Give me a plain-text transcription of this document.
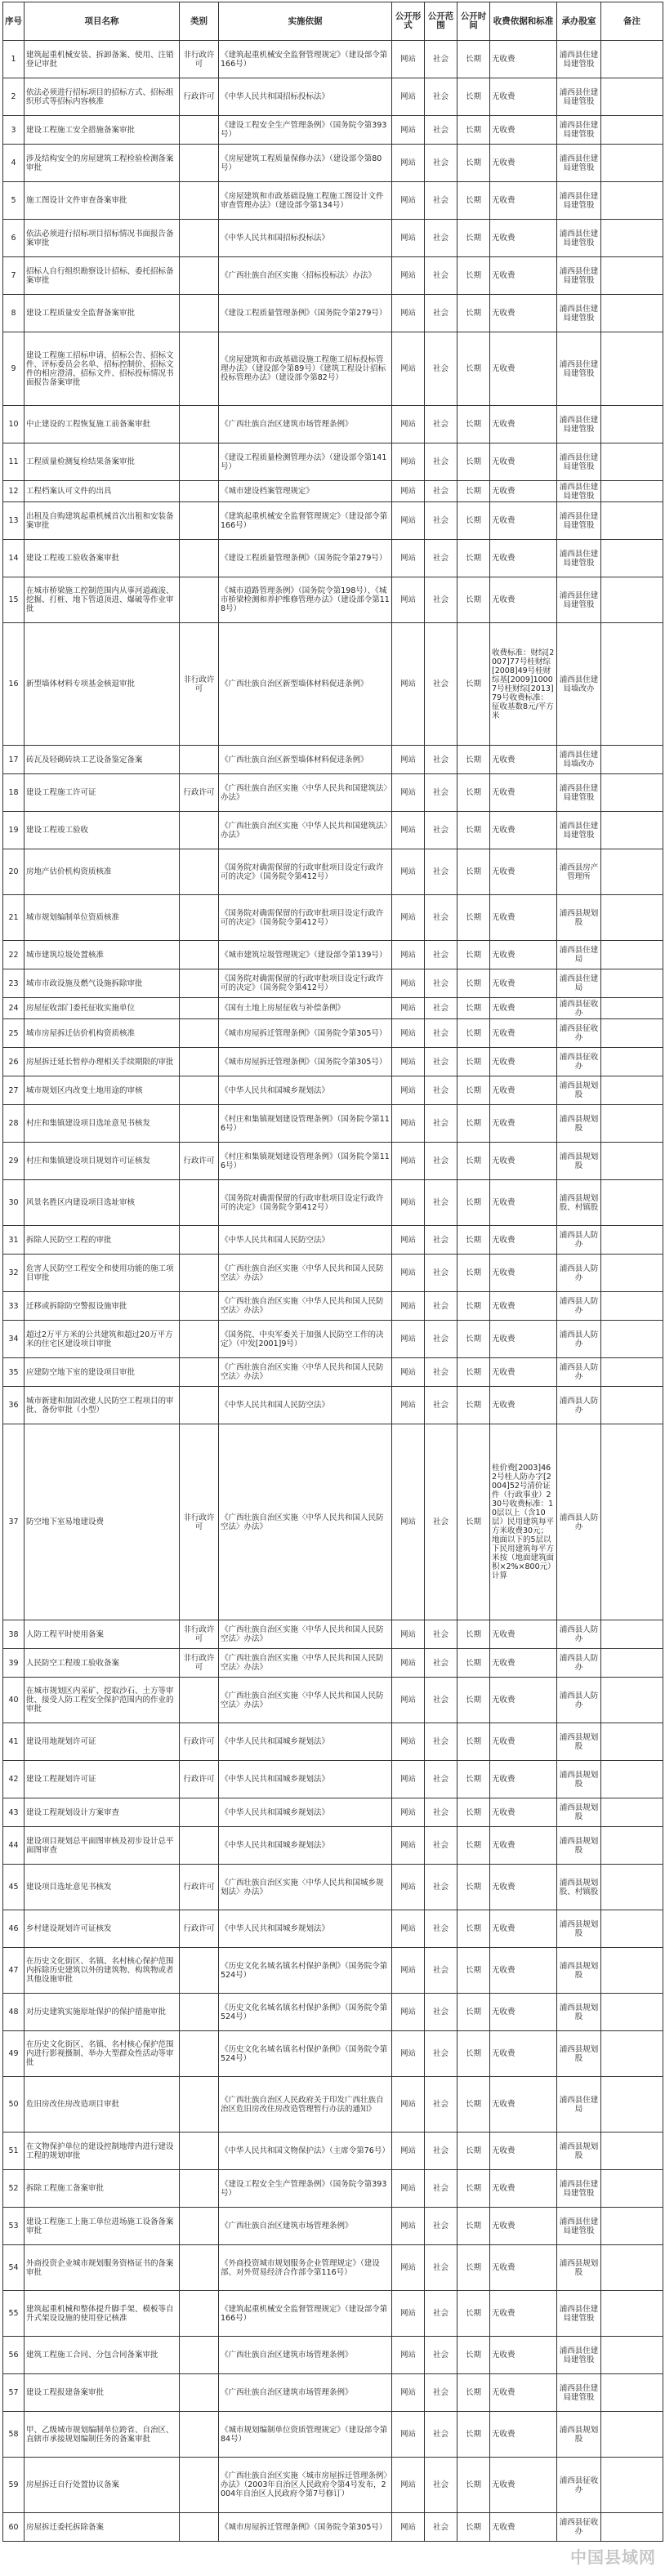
序号	项目名称	类别	实施依据	公开形式	公开范围	公开时间	收费依据和标准	承办股室	备注
1	建筑起重机械安装、拆卸备案、使用、注销登记审批	非行政许可	《建筑起重机械安全监督管理规定》（建设部令第166号）	网站	社会	长期	无收费	浦西县住建局建管股	
2	依法必须进行招标项目的招标方式、招标组织形式等招标内容核准	行政许可	《中华人民共和国招标投标法》	网站	社会	长期	无收费	浦西县住建局建管股	
3	建设工程施工安全措施备案审批		《建设工程安全生产管理条例》（国务院令第393号）	网站	社会	长期	无收费	浦西县住建局建管股	
4	涉及结构安全的房屋建筑工程检验检测备案审批		《房屋建筑工程质量保修办法》（建设部令第80号）	网站	社会	长期	无收费	浦西县住建局建管股	
5	施工图设计文件审查备案审批		《房屋建筑和市政基础设施工程施工图设计文件审查管理办法》（建设部令第134号）	网站	社会	长期	无收费	浦西县住建局建管股	
6	依法必须进行招标项目招标情况书面报告备案审批		《中华人民共和国招标投标法》	网站	社会	长期	无收费	浦西县住建局建管股	
7	招标人自行组织勘察设计招标、委托招标备案审批		《广西壮族自治区实施〈招标投标法〉办法》	网站	社会	长期	无收费	浦西县住建局建管股	
8	建设工程质量安全监督备案审批		《建设工程质量管理条例》（国务院令第279号）	网站	社会	长期	无收费	浦西县住建局建管股	
9	建设工程施工招标申请、招标公告、招标文件、评标委员会名单、招标控制价、招标文件的相应澄清、招标文件、招标投标情况书面报告备案审批		《房屋建筑和市政基础设施工程施工招标投标管理办法》（建设部令第89号）《建筑工程设计招标投标管理办法》（建设部令第82号）	网站	社会	长期	无收费	浦西县住建局建管股	
10	中止建设的工程恢复施工前备案审批		《广西壮族自治区建筑市场管理条例》	网站	社会	长期	无收费	浦西县住建局建管股	
11	工程质量检测复检结果备案审批		《建设工程质量检测管理办法》（建设部令第141号）	网站	社会	长期	无收费	浦西县住建局建管股	
12	工程档案认可文件的出具		《城市建设档案管理规定》	网站	社会	长期	无收费	浦西县住建局建管股	
13	出租及自购建筑起重机械首次出租和安装备案审批		《建筑起重机械安全监督管理规定》（建设部令第166号）	网站	社会	长期	无收费	浦西县住建局建管股	
14	建设工程竣工验收备案审批		《建设工程质量管理条例》（国务院令第279号）	网站	社会	长期	无收费	浦西县住建局建管股	
15	在城市桥梁施工控制范围内从事河道疏浚、挖掘、打桩、地下管道顶进、爆破等作业审批		《城市道路管理条例》（国务院令第198号）、《城市桥梁检测和养护维修管理办法》（建设部令第118号）	网站	社会	长期	无收费	浦西县住建局建管股	
16	新型墙体材料专项基金核退审批	非行政许可	《广西壮族自治区新型墙体材料促进条例》	网站	社会	长期	收费标准：财综[2007]77号桂财综[2008]49号桂财综基[2009]10007号桂财综[2013]79号收费标准：征收基数8元/平方米	浦西县住建局墙改办	
17	砖瓦及轻砌砖块工艺设备鉴定备案		《广西壮族自治区新型墙体材料促进条例》	网站	社会	长期	无收费	浦西县住建局墙改办	
18	建设工程施工许可证	行政许可	《广西壮族自治区实施〈中华人民共和国建筑法〉办法》	网站	社会	长期	无收费	浦西县住建局建管股	
19	建设工程竣工验收		《广西壮族自治区实施〈中华人民共和国建筑法〉办法》	网站	社会	长期	无收费	浦西县住建局建管股	
20	房地产估价机构资质核准		《国务院对确需保留的行政审批项目设定行政许可的决定》（国务院令第412号）	网站	社会	长期	无收费	浦西县房产管理所	
21	城市规划编制单位资质核准		《国务院对确需保留的行政审批项目设定行政许可的决定》（国务院令第412号）	网站	社会	长期	无收费	浦西县规划股	
22	城市建筑垃圾处置核准		《城市建筑垃圾管理规定》（建设部令第139号）	网站	社会	长期	无收费	浦西县住建局	
23	城市市政设施及燃气设施拆除审批		《国务院对确需保留的行政审批项目设定行政许可的决定》（国务院令第412号）	网站	社会	长期	无收费	浦西县住建局	
24	房屋征收部门委托征收实施单位		《国有土地上房屋征收与补偿条例》	网站	社会	长期	无收费	浦西县征收办	
25	城市房屋拆迁估价机构资质核准		《城市房屋拆迁管理条例》（国务院令第305号）	网站	社会	长期	无收费	浦西县征收办	
26	房屋拆迁延长暂停办理相关手续期限的审批		《城市房屋拆迁管理条例》（国务院令第305号）	网站	社会	长期	无收费	浦西县征收办	
27	城市规划区内改变土地用途的审核		《中华人民共和国城乡规划法》	网站	社会	长期	无收费	浦西县规划股	
28	村庄和集镇建设项目选址意见书核发		《村庄和集镇规划建设管理条例》（国务院令第116号）	网站	社会	长期	无收费	浦西县规划股	
29	村庄和集镇建设项目规划许可证核发	行政许可	《村庄和集镇规划建设管理条例》（国务院令第116号）	网站	社会	长期	无收费	浦西县规划股	
30	风景名胜区内建设项目选址审核		《国务院对确需保留的行政审批项目设定行政许可的决定》（国务院令第412号）	网站	社会	长期	无收费	浦西县规划股、村镇股	
31	拆除人民防空工程的审批		《中华人民共和国人民防空法》	网站	社会	长期	无收费	浦西县人防办	
32	危害人民防空工程安全和使用功能的施工项目审批		《广西壮族自治区实施〈中华人民共和国人民防空法〉办法》	网站	社会	长期	无收费	浦西县人防办	
33	迁移或拆除防空警报设施审批		《广西壮族自治区实施〈中华人民共和国人民防空法〉办法》	网站	社会	长期	无收费	浦西县人防办	
34	超过2万平方米的公共建筑和超过20万平方米的住宅区建设项目审批		《国务院、中央军委关于加强人民防空工作的决定》（中发[2001]9号）	网站	社会	长期	无收费	浦西县人防办	
35	应建防空地下室的建设项目审批		《广西壮族自治区实施〈中华人民共和国人民防空法〉办法》	网站	社会	长期	无收费	浦西县人防办	
36	城市新建和加固改建人民防空工程项目的审批、备份审批（小型）		《中华人民共和国人民防空法》	网站	社会	长期	无收费	浦西县人防办	
37	防空地下室易地建设费	非行政许可	《广西壮族自治区实施〈中华人民共和国人民防空法〉办法》	网站	社会	长期	桂价费[2003]462号桂人防办字[2004]52号清价证件（行政事业）230号收费标准：10层以上（含10层）民用建筑每平方米收费30元；地面以下的5层以下民用建筑每平方米按（地面建筑面积×2%×800元）计算	浦西县人防办	
38	人防工程平时使用备案	非行政许可	《广西壮族自治区实施〈中华人民共和国人民防空法〉办法》	网站	社会	长期	无收费	浦西县人防办	
39	人民防空工程竣工验收备案	非行政许可	《广西壮族自治区实施〈中华人民共和国人民防空法〉办法》	网站	社会	长期	无收费	浦西县人防办	
40	在城市规划区内采矿、挖取沙石、土方等审批、接受人防工程安全保护范围内的作业的审批		《广西壮族自治区实施〈中华人民共和国人民防空法〉办法》	网站	社会	长期	无收费	浦西县人防办	
41	建设用地规划许可证	行政许可	《中华人民共和国城乡规划法》	网站	社会	长期	无收费	浦西县规划股	
42	建设工程规划许可证	行政许可	《中华人民共和国城乡规划法》	网站	社会	长期	无收费	浦西县规划股	
43	建设工程规划设计方案审查		《中华人民共和国城乡规划法》	网站	社会	长期	无收费	浦西县规划股	
44	建设项目规划总平面图审核及初步设计总平面图审查		《中华人民共和国城乡规划法》	网站	社会	长期	无收费	浦西县规划股	
45	建设项目选址意见书核发	行政许可	《广西壮族自治区实施〈中华人民共和国城乡规划法〉办法》	网站	社会	长期	无收费	浦西县规划股、村镇股	
46	乡村建设规划许可证核发	行政许可	《中华人民共和国城乡规划法》	网站	社会	长期	无收费	浦西县规划股	
47	在历史文化街区、名镇、名村核心保护范围内拆除历史建筑以外的建筑物、构筑物或者其他设施审批		《历史文化名城名镇名村保护条例》（国务院令第524号）	网站	社会	长期	无收费	浦西县规划股	
48	对历史建筑实施原址保护的保护措施审批		《历史文化名城名镇名村保护条例》（国务院令第524号）	网站	社会	长期	无收费	浦西县规划股	
49	在历史文化街区、名镇、名村核心保护范围内进行影视摄制、举办大型群众性活动等审批		《历史文化名城名镇名村保护条例》（国务院令第524号）	网站	社会	长期	无收费	浦西县规划股	
50	危旧房改住房改造项目审批		《广西壮族自治区人民政府关于印发广西壮族自治区危旧房改住房改造管理暂行办法的通知》	网站	社会	长期	无收费	浦西县住建局	
51	在文物保护单位的建设控制地带内进行建设工程的规划审批		《中华人民共和国文物保护法》（主席令第76号）	网站	社会	长期	无收费	浦西县规划股	
52	拆除工程施工备案审批		《建设工程安全生产管理条例》（国务院令第393号）	网站	社会	长期	无收费	浦西县住建局建管股	
53	建设工程施工上施工单位进场施工设备备案审批		《广西壮族自治区建筑市场管理条例》	网站	社会	长期	无收费	浦西县住建局建管股	
54	外商投资企业城市规划服务资格证书的备案审批		《外商投资城市规划服务企业管理规定》（建设部、对外贸易经济合作部令第116号）	网站	社会	长期	无收费	浦西县规划股	
55	建筑起重机械和整体提升脚手架、模板等自升式架设设施的使用登记核准		《建筑起重机械安全监督管理规定》（建设部令第166号）	网站	社会	长期	无收费	浦西县住建局建管股	
56	建筑工程施工合同、分包合同备案审批		《广西壮族自治区建筑市场管理条例》	网站	社会	长期	无收费	浦西县住建局建管股	
57	建设工程报建备案审批		《广西壮族自治区建筑市场管理条例》	网站	社会	长期	无收费	浦西县住建局建管股	
58	甲、乙级城市规划编制单位跨省、自治区、直辖市承接规划编制任务的备案审批		《城市规划编制单位资质管理规定》（建设部令第84号）	网站	社会	长期	无收费	浦西县规划股	
59	房屋拆迁自行处置协议备案		《广西壮族自治区实施〈城市房屋拆迁管理条例〉办法》（2003年自治区人民政府令第4号发布，2004年自治区人民政府令第7号修订）	网站	社会	长期	无收费	浦西县征收办	
60	房屋拆迁委托拆除备案		《城市房屋拆迁管理条例》（国务院令第305号）	网站	社会	长期	无收费	浦西县征收办	
中国县域网
